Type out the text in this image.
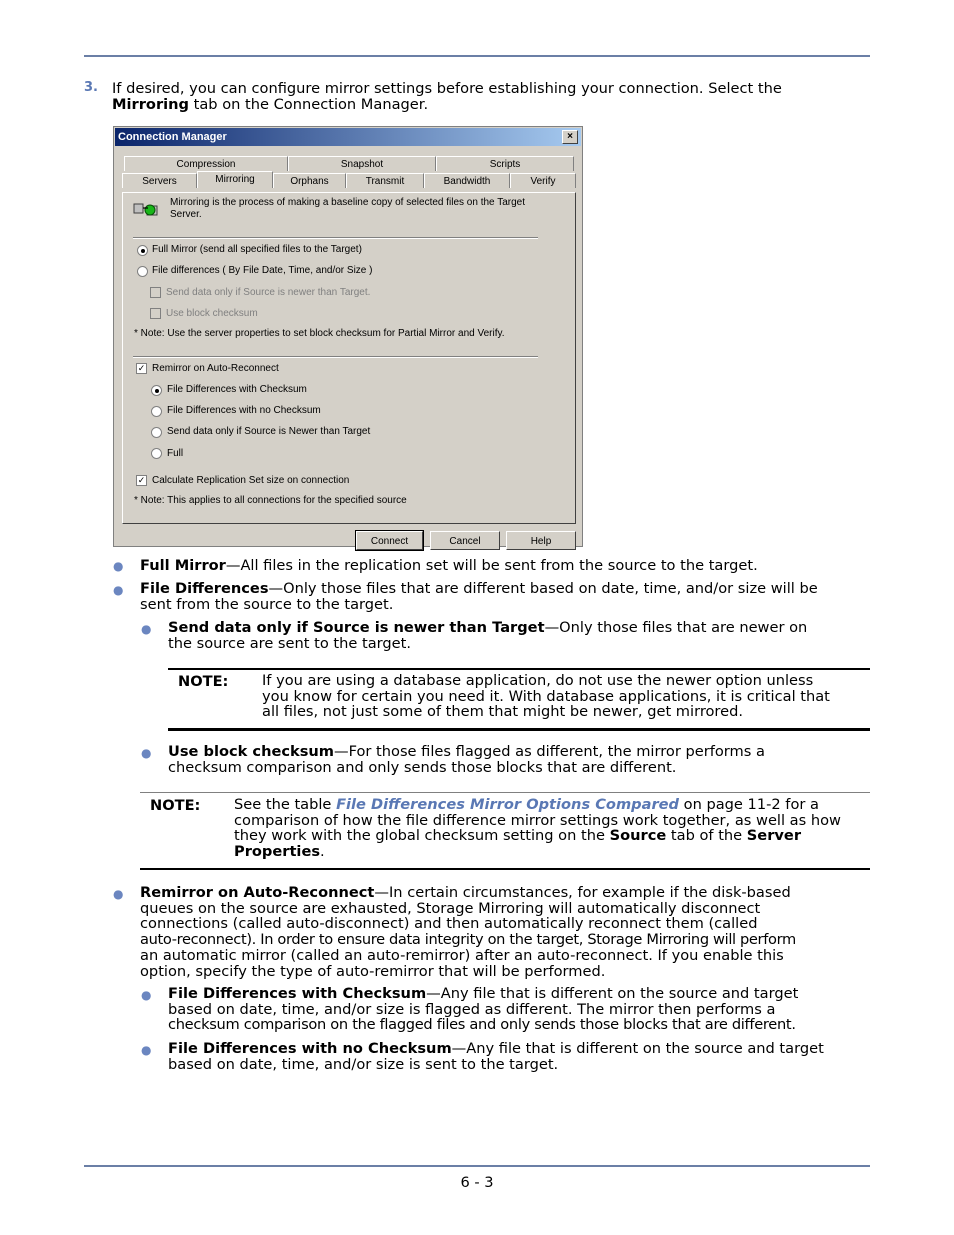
3. If desired, you can configure mirror settings before establishing your connection. Select the
Mirroring tab on the Connection Manager.
Connection Manager	×
Compression	Snapshot	Scripts
Servers	Mirroring	Orphans	Transmit	Bandwidth	Verify
Mirroring is the process of making a baseline copy of selected files on the Target
Server.
Full Mirror (send all specified files to the Target)
File differences ( By File Date, Time, and/or Size )
Send data only if Source is newer than Target.
Use block checksum
* Note: Use the server properties to set block checksum for Partial Mirror and Verify.
✓ Remirror on Auto-Reconnect
File Differences with Checksum
File Differences with no Checksum
Send data only if Source is Newer than Target
Full
✓ Calculate Replication Set size on connection
* Note: This applies to all connections for the specified source
Connect	Cancel	Help
● Full Mirror—All files in the replication set will be sent from the source to the target.
● File Differences—Only those files that are different based on date, time, and/or size will be
sent from the source to the target.
● Send data only if Source is newer than Target—Only those files that are newer on
the source are sent to the target.
NOTE: If you are using a database application, do not use the newer option unless
you know for certain you need it. With database applications, it is critical that
all files, not just some of them that might be newer, get mirrored.
● Use block checksum—For those files flagged as different, the mirror performs a
checksum comparison and only sends those blocks that are different.
NOTE: See the table File Differences Mirror Options Compared on page 11-2 for a
comparison of how the file difference mirror settings work together, as well as how
they work with the global checksum setting on the Source tab of the Server
Properties.
● Remirror on Auto-Reconnect—In certain circumstances, for example if the disk-based
queues on the source are exhausted, Storage Mirroring will automatically disconnect
connections (called auto-disconnect) and then automatically reconnect them (called
auto-reconnect). In order to ensure data integrity on the target, Storage Mirroring will perform
an automatic mirror (called an auto-remirror) after an auto-reconnect. If you enable this
option, specify the type of auto-remirror that will be performed.
● File Differences with Checksum—Any file that is different on the source and target
based on date, time, and/or size is flagged as different. The mirror then performs a
checksum comparison on the flagged files and only sends those blocks that are different.
● File Differences with no Checksum—Any file that is different on the source and target
based on date, time, and/or size is sent to the target.
6 - 3
